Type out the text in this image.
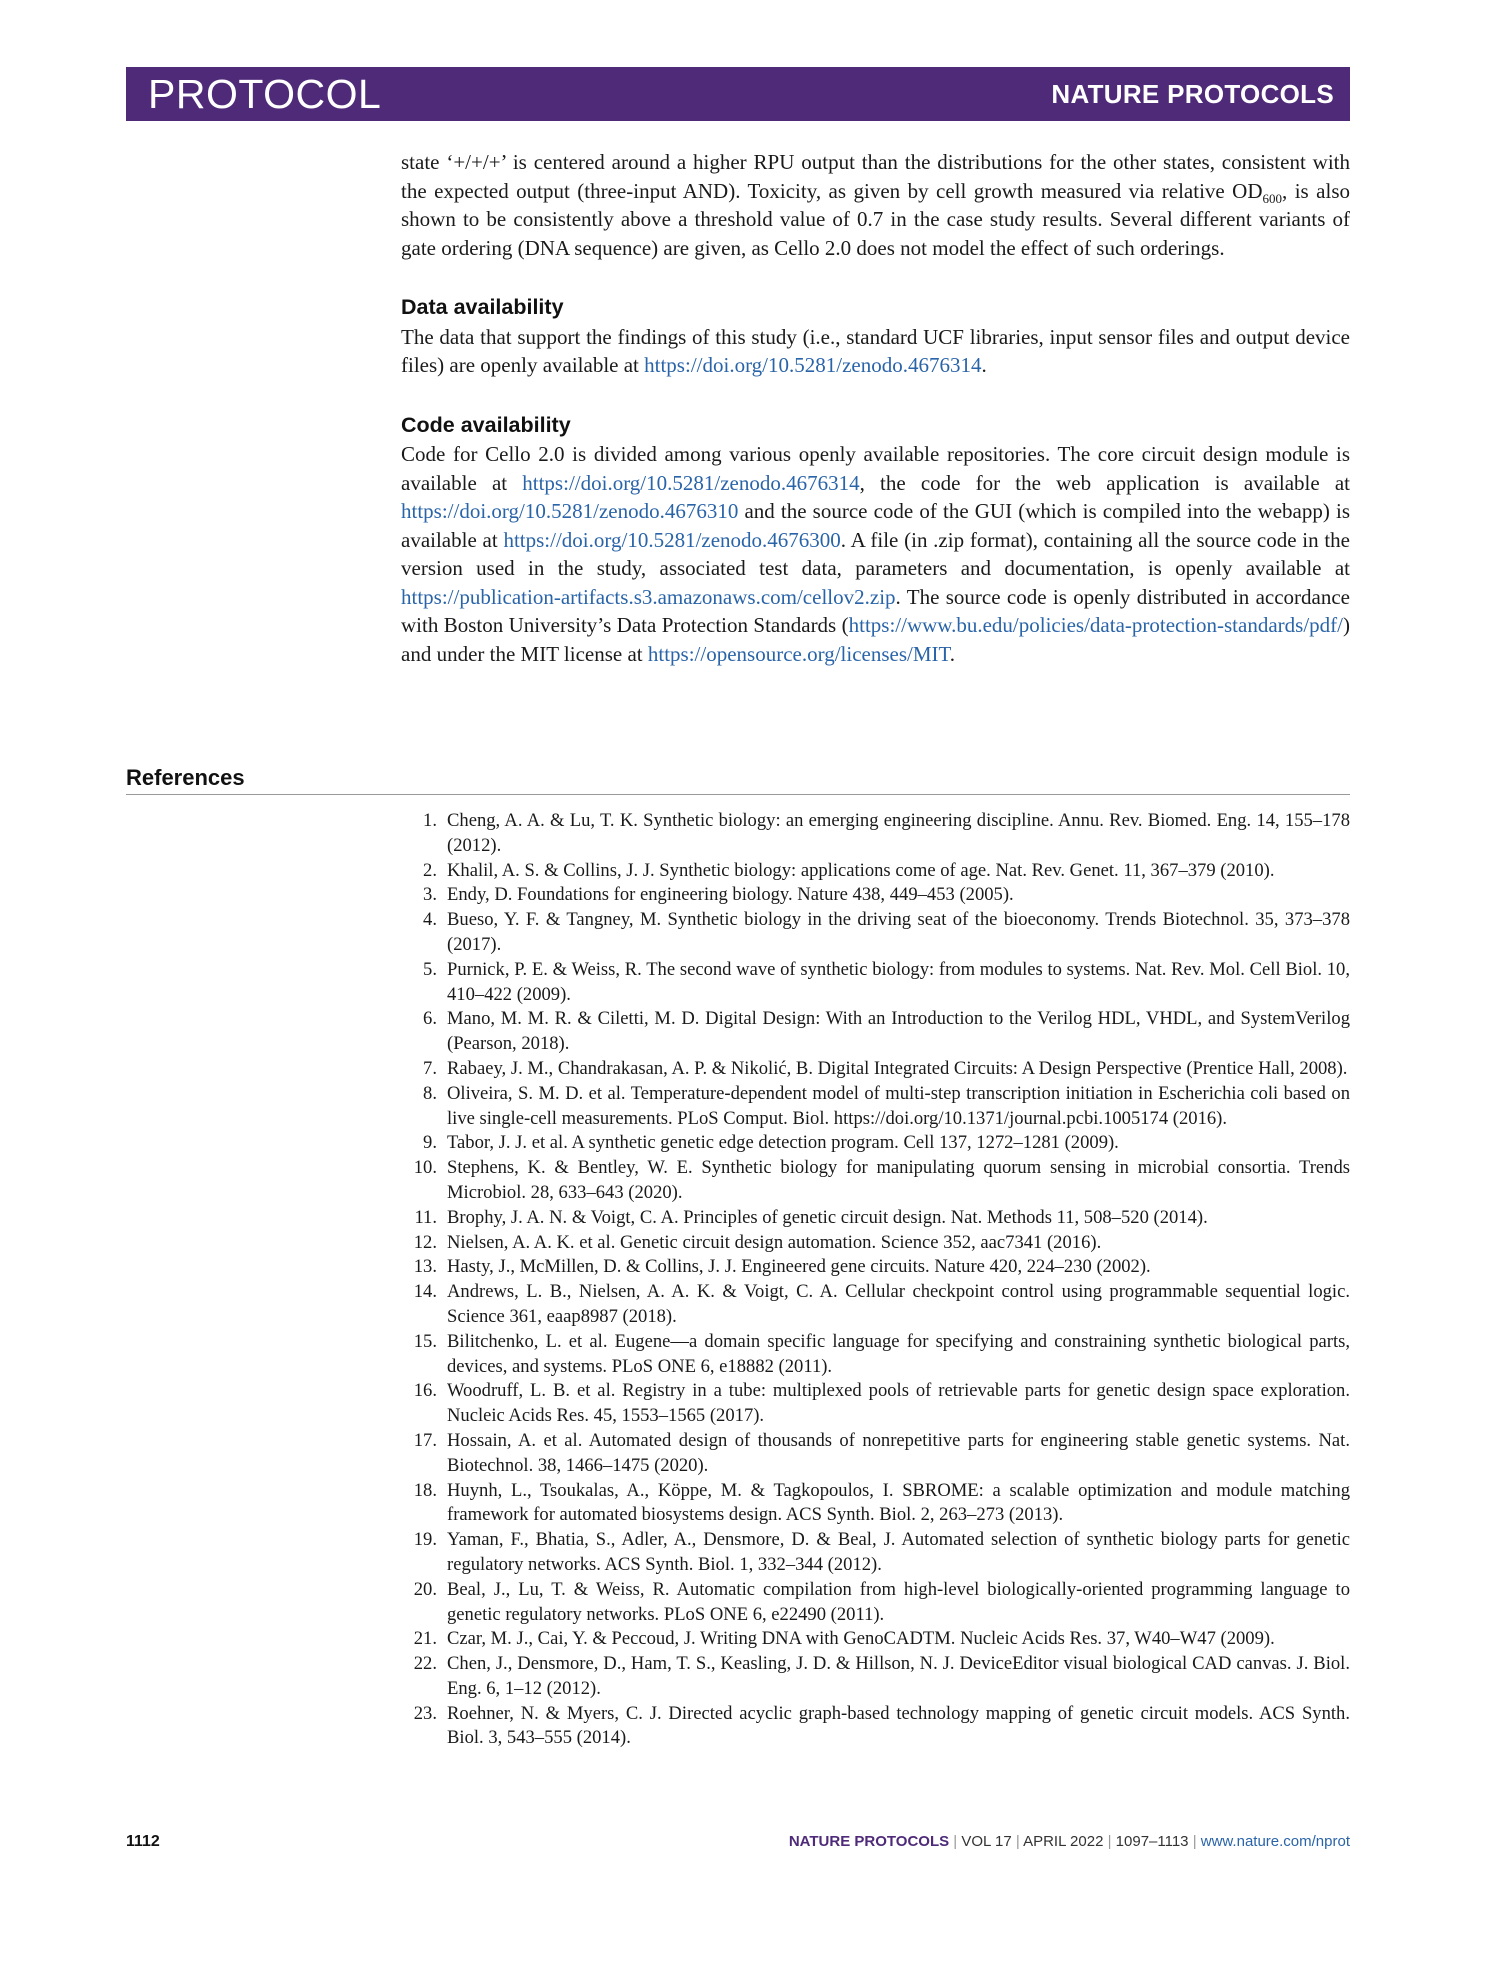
PROTOCOL	NATURE PROTOCOLS

state ‘+/+/+’ is centered around a higher RPU output than the distributions for the other states, consistent with the expected output (three-input AND). Toxicity, as given by cell growth measured via relative $OD_{600}$, is also shown to be consistently above a threshold value of 0.7 in the case study results. Several different variants of gate ordering (DNA sequence) are given, as Cello 2.0 does not model the effect of such orderings.

Data availability

The data that support the findings of this study (i.e., standard UCF libraries, input sensor files and output device files) are openly available at https://doi.org/10.5281/zenodo.4676314.

Code availability

Code for Cello 2.0 is divided among various openly available repositories. The core circuit design module is available at https://doi.org/10.5281/zenodo.4676314, the code for the web application is available at https://doi.org/10.5281/zenodo.4676310 and the source code of the GUI (which is compiled into the webapp) is available at https://doi.org/10.5281/zenodo.4676300. A file (in .zip format), containing all the source code in the version used in the study, associated test data, parameters and documentation, is openly available at https://publication-artifacts.s3.amazonaws.com/cellov2.zip. The source code is openly distributed in accordance with Boston University’s Data Protection Standards (https://www.bu.edu/policies/data-protection-standards/pdf/) and under the MIT license at https://opensource.org/licenses/MIT.

References
1. Cheng, A. A. & Lu, T. K. Synthetic biology: an emerging engineering discipline. Annu. Rev. Biomed. Eng. 14, 155–178 (2012).
2. Khalil, A. S. & Collins, J. J. Synthetic biology: applications come of age. Nat. Rev. Genet. 11, 367–379 (2010).
3. Endy, D. Foundations for engineering biology. Nature 438, 449–453 (2005).
4. Bueso, Y. F. & Tangney, M. Synthetic biology in the driving seat of the bioeconomy. Trends Biotechnol. 35, 373–378 (2017).
5. Purnick, P. E. & Weiss, R. The second wave of synthetic biology: from modules to systems. Nat. Rev. Mol. Cell Biol. 10, 410–422 (2009).
6. Mano, M. M. R. & Ciletti, M. D. Digital Design: With an Introduction to the Verilog HDL, VHDL, and SystemVerilog (Pearson, 2018).
7. Rabaey, J. M., Chandrakasan, A. P. & Nikolić, B. Digital Integrated Circuits: A Design Perspective (Prentice Hall, 2008).
8. Oliveira, S. M. D. et al. Temperature-dependent model of multi-step transcription initiation in Escherichia coli based on live single-cell measurements. PLoS Comput. Biol. https://doi.org/10.1371/journal.pcbi.1005174 (2016).
9. Tabor, J. J. et al. A synthetic genetic edge detection program. Cell 137, 1272–1281 (2009).
10. Stephens, K. & Bentley, W. E. Synthetic biology for manipulating quorum sensing in microbial consortia. Trends Microbiol. 28, 633–643 (2020).
11. Brophy, J. A. N. & Voigt, C. A. Principles of genetic circuit design. Nat. Methods 11, 508–520 (2014).
12. Nielsen, A. A. K. et al. Genetic circuit design automation. Science 352, aac7341 (2016).
13. Hasty, J., McMillen, D. & Collins, J. J. Engineered gene circuits. Nature 420, 224–230 (2002).
14. Andrews, L. B., Nielsen, A. A. K. & Voigt, C. A. Cellular checkpoint control using programmable sequential logic. Science 361, eaap8987 (2018).
15. Bilitchenko, L. et al. Eugene—a domain specific language for specifying and constraining synthetic biological parts, devices, and systems. PLoS ONE 6, e18882 (2011).
16. Woodruff, L. B. et al. Registry in a tube: multiplexed pools of retrievable parts for genetic design space exploration. Nucleic Acids Res. 45, 1553–1565 (2017).
17. Hossain, A. et al. Automated design of thousands of nonrepetitive parts for engineering stable genetic systems. Nat. Biotechnol. 38, 1466–1475 (2020).
18. Huynh, L., Tsoukalas, A., Köppe, M. & Tagkopoulos, I. SBROME: a scalable optimization and module matching framework for automated biosystems design. ACS Synth. Biol. 2, 263–273 (2013).
19. Yaman, F., Bhatia, S., Adler, A., Densmore, D. & Beal, J. Automated selection of synthetic biology parts for genetic regulatory networks. ACS Synth. Biol. 1, 332–344 (2012).
20. Beal, J., Lu, T. & Weiss, R. Automatic compilation from high-level biologically-oriented programming language to genetic regulatory networks. PLoS ONE 6, e22490 (2011).
21. Czar, M. J., Cai, Y. & Peccoud, J. Writing DNA with GenoCADTM. Nucleic Acids Res. 37, W40–W47 (2009).
22. Chen, J., Densmore, D., Ham, T. S., Keasling, J. D. & Hillson, N. J. DeviceEditor visual biological CAD canvas. J. Biol. Eng. 6, 1–12 (2012).
23. Roehner, N. & Myers, C. J. Directed acyclic graph-based technology mapping of genetic circuit models. ACS Synth. Biol. 3, 543–555 (2014).
1112	NATURE PROTOCOLS | VOL 17 | APRIL 2022 | 1097–1113 | www.nature.com/nprot
